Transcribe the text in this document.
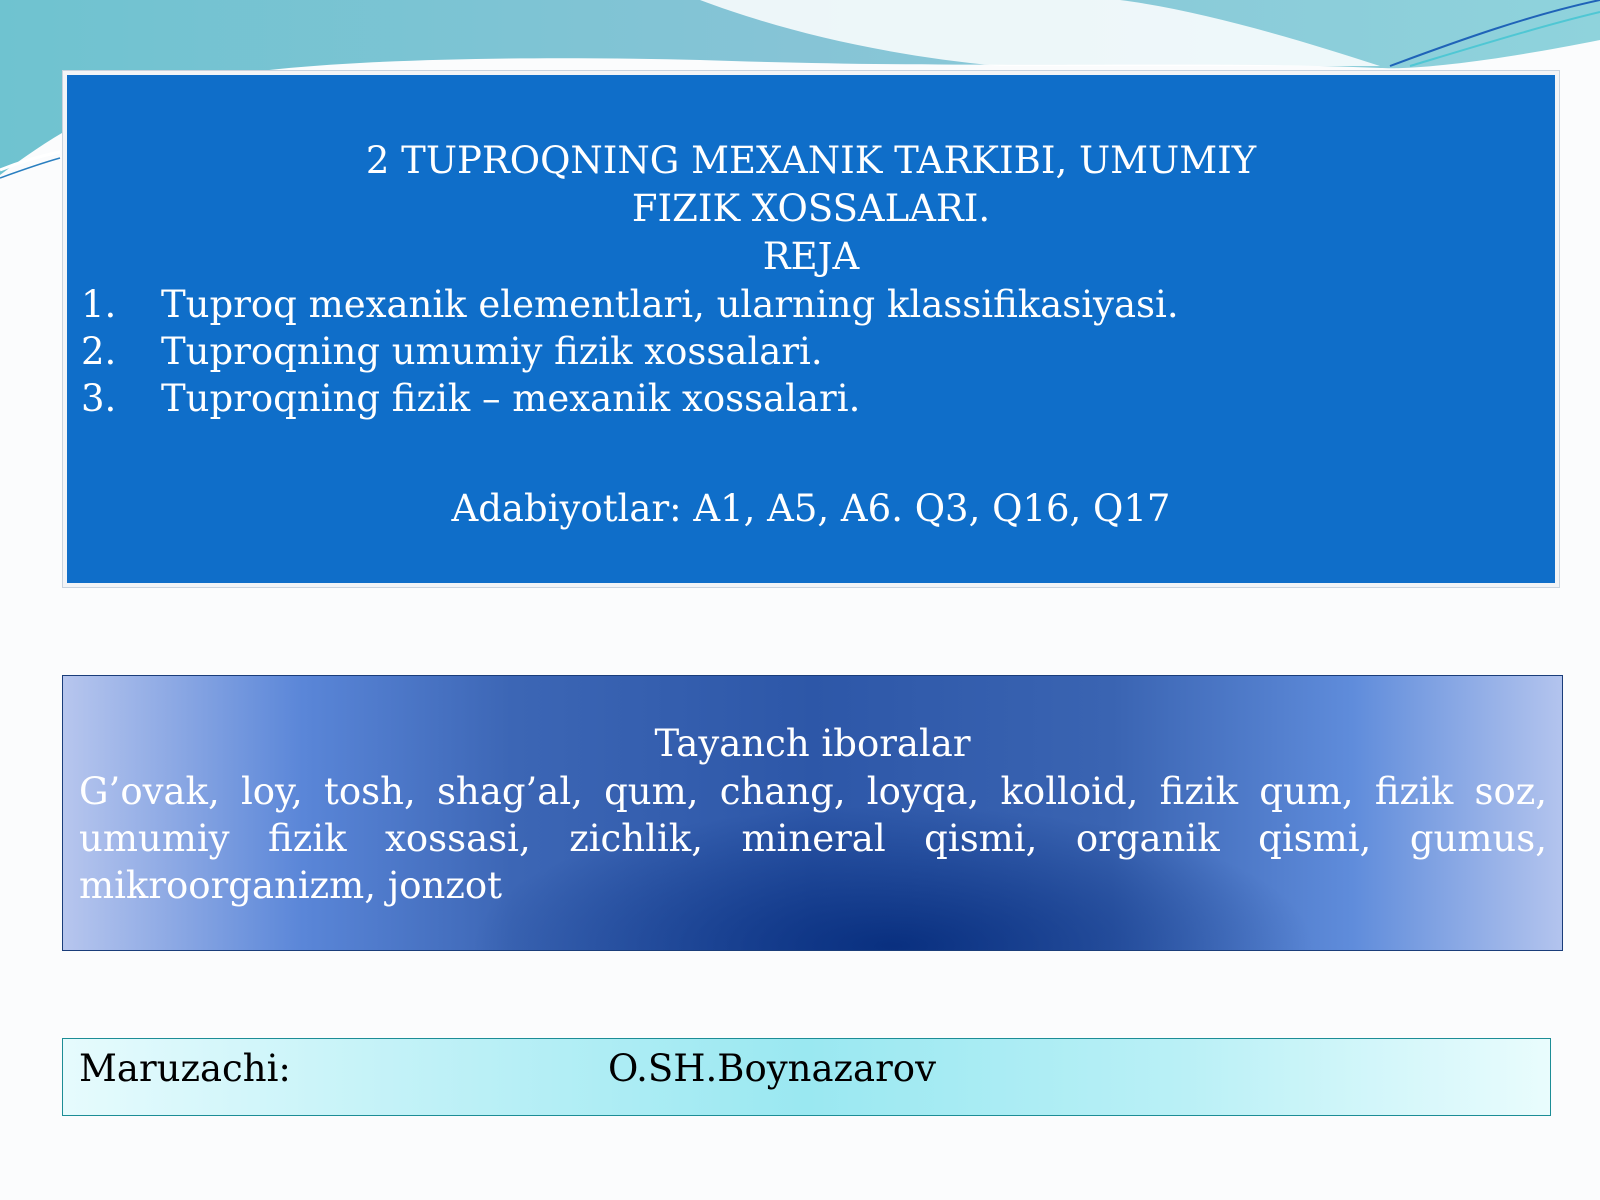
2 TUPROQNING MEXANIK TARKIBI, UMUMIY
FIZIK XOSSALARI.
REJA
1.	Tuproq mexanik elementlari, ularning klassifikasiyasi.
2.	Tuproqning umumiy fizik xossalari.
3.	Tuproqning fizik – mexanik xossalari.
Adabiyotlar: A1, A5, A6. Q3, Q16, Q17
Tayanch iboralar

G’ovak, loy, tosh, shag’al, qum, chang, loyqa, kolloid, fizik qum, fizik soz, umumiy fizik xossasi, zichlik, mineral qismi, organik qismi, gumus, mikroorganizm, jonzot

Maruzachi:	O.SH.Boynazarov
